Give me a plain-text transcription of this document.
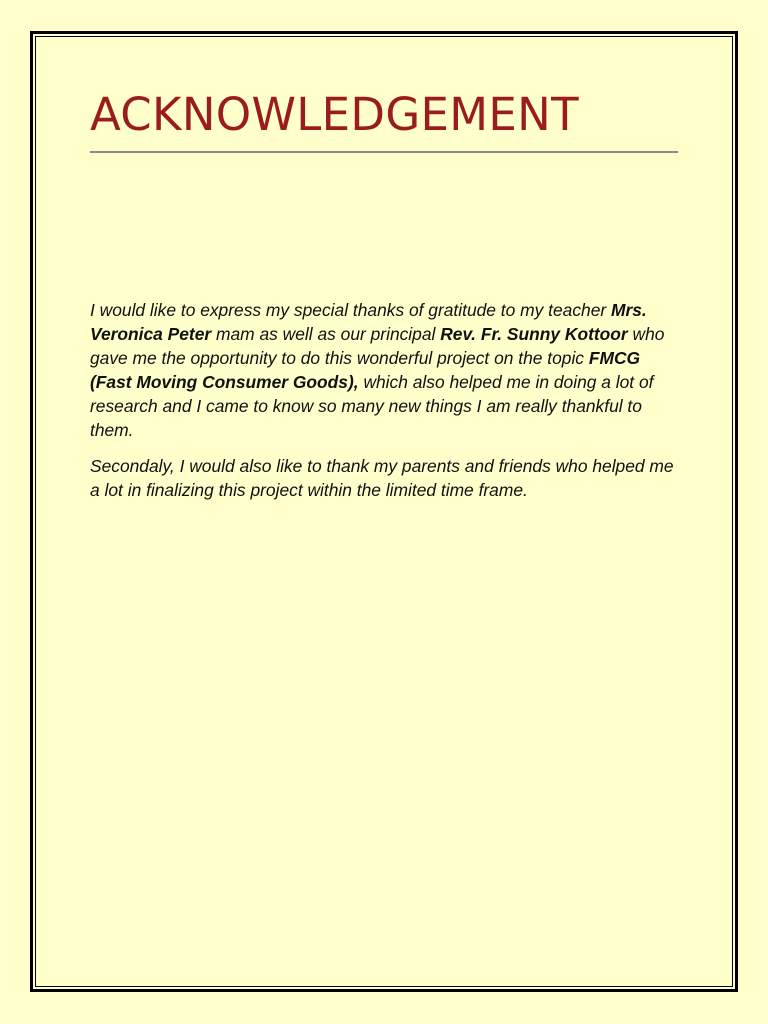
ACKNOWLEDGEMENT

I would like to express my special thanks of gratitude to my teacher Mrs. Veronica Peter mam as well as our principal Rev. Fr. Sunny Kottoor who gave me the opportunity to do this wonderful project on the topic FMCG (Fast Moving Consumer Goods), which also helped me in doing a lot of research and I came to know so many new things I am really thankful to them.

Secondaly, I would also like to thank my parents and friends who helped me a lot in finalizing this project within the limited time frame.
